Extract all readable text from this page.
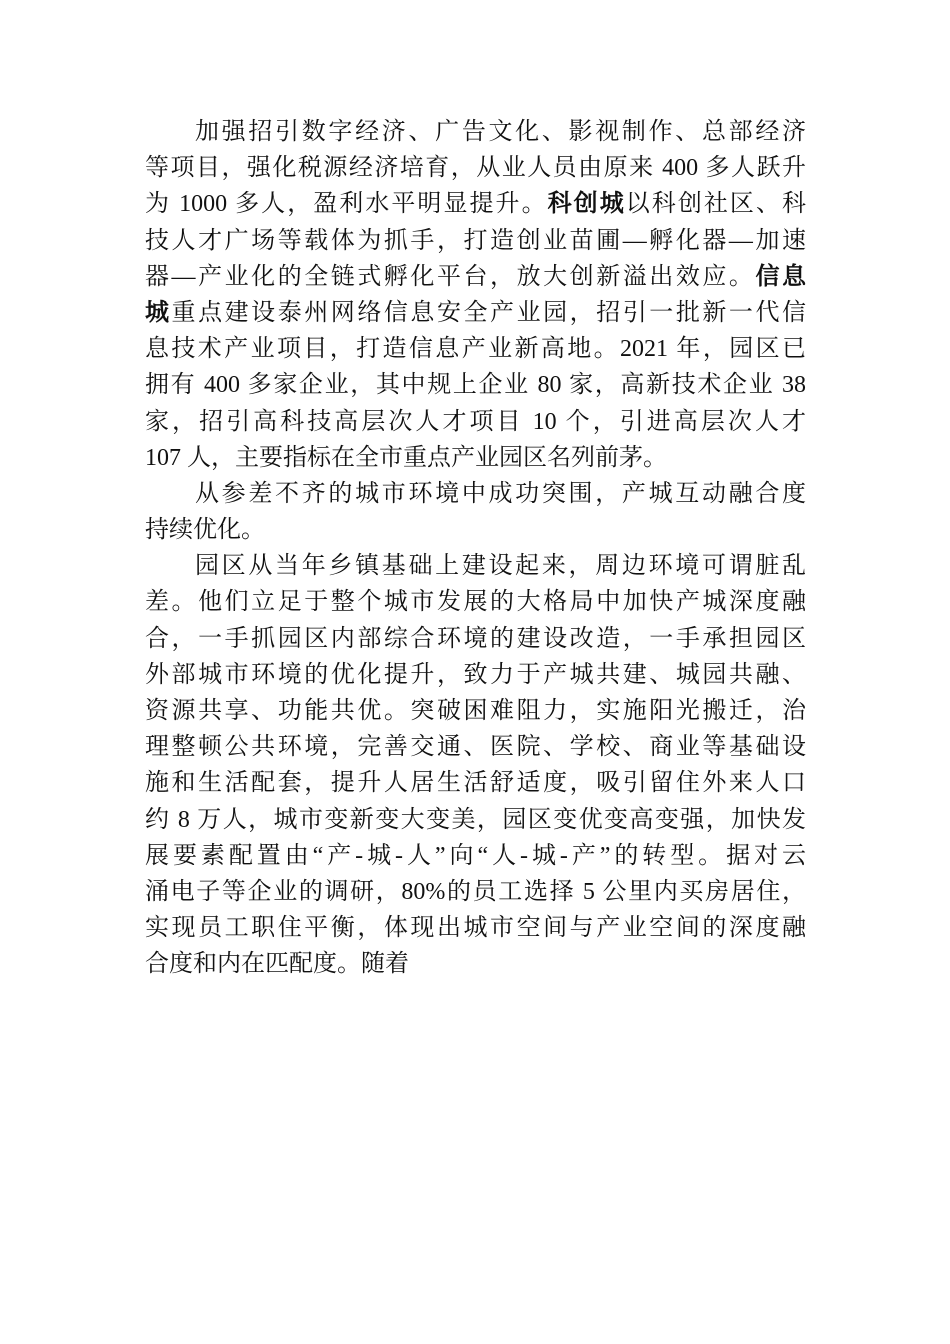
加强招引数字经济、广告文化、影视制作、总部经济
等项目，强化税源经济培育，从业人员由原来 400 多人跃升
为 1000 多人，盈利水平明显提升。科创城以科创社区、科
技人才广场等载体为抓手，打造创业苗圃—孵化器—加速
器—产业化的全链式孵化平台，放大创新溢出效应。信息
城重点建设泰州网络信息安全产业园，招引一批新一代信
息技术产业项目，打造信息产业新高地。2021 年，园区已
拥有 400 多家企业，其中规上企业 80 家，高新技术企业 38
家，招引高科技高层次人才项目 10 个，引进高层次人才
107 人，主要指标在全市重点产业园区名列前茅。
从参差不齐的城市环境中成功突围，产城互动融合度
持续优化。
园区从当年乡镇基础上建设起来，周边环境可谓脏乱
差。他们立足于整个城市发展的大格局中加快产城深度融
合，一手抓园区内部综合环境的建设改造，一手承担园区
外部城市环境的优化提升，致力于产城共建、城园共融、
资源共享、功能共优。突破困难阻力，实施阳光搬迁，治
理整顿公共环境，完善交通、医院、学校、商业等基础设
施和生活配套，提升人居生活舒适度，吸引留住外来人口
约 8 万人，城市变新变大变美，园区变优变高变强，加快发
展要素配置由“产-城-人”向“人-城-产”的转型。据对云
涌电子等企业的调研，80%的员工选择 5 公里内买房居住，
实现员工职住平衡，体现出城市空间与产业空间的深度融
合度和内在匹配度。随着
